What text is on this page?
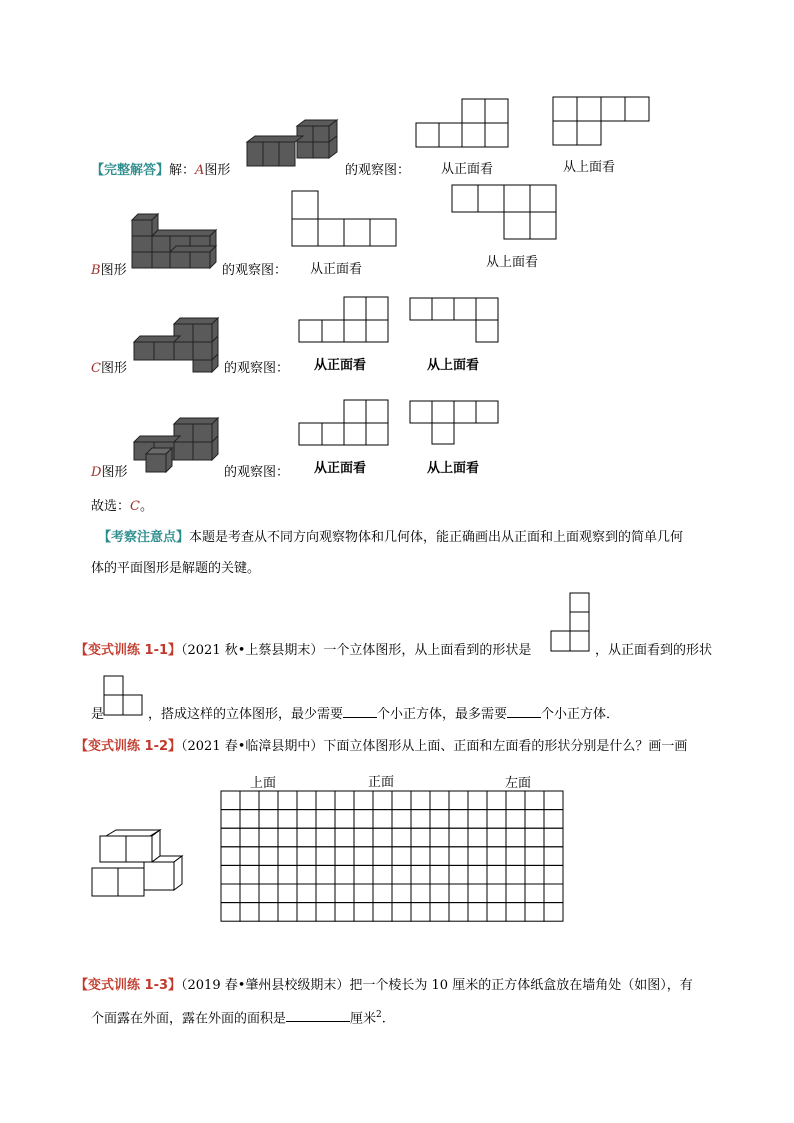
【完整解答】解：A图形	的观察图： 从正面看	从上面看
B图形	的观察图： 从正面看	从上面看
C图形	的观察图： 从正面看	从上面看
D图形	的观察图： 从正面看	从上面看
故选：C。
【考察注意点】本题是考查从不同方向观察物体和几何体，能正确画出从正面和上面观察到的简单几何
体的平面图形是解题的关键。
【变式训练 1-1】（2021 秋•上蔡县期末）一个立体图形，从上面看到的形状是	，从正面看到的形状
是	，搭成这样的立体图形，最少需要	个小正方体，最多需要	个小正方体．
【变式训练 1-2】（2021 春•临漳县期中）下面立体图形从上面、正面和左面看的形状分别是什么？画一画
上面	正面	左面
【变式训练 1-3】（2019 春•肇州县校级期末）把一个棱长为 10 厘米的正方体纸盒放在墙角处（如图），有
个面露在外面，露在外面的面积是	厘米$^2$.
